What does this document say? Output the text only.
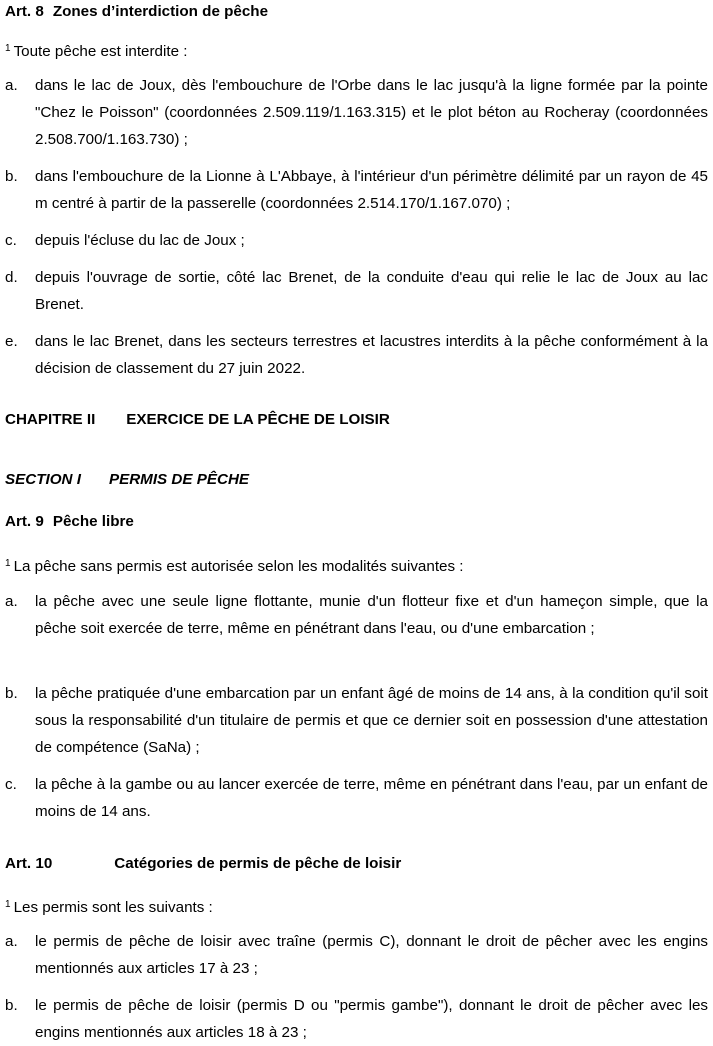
Art. 8 Zones d’interdiction de pêche
$^1$ Toute pêche est interdite :
a. dans le lac de Joux, dès l'embouchure de l'Orbe dans le lac jusqu'à la ligne formée par la pointe "Chez le Poisson" (coordonnées 2.509.119/1.163.315) et le plot béton au Rocheray (coordonnées 2.508.700/1.163.730) ;
b. dans l'embouchure de la Lionne à L'Abbaye, à l'intérieur d'un périmètre délimité par un rayon de 45 m centré à partir de la passerelle (coordonnées 2.514.170/1.167.070) ;
c. depuis l'écluse du lac de Joux ;
d. depuis l'ouvrage de sortie, côté lac Brenet, de la conduite d'eau qui relie le lac de Joux au lac Brenet.
e. dans le lac Brenet, dans les secteurs terrestres et lacustres interdits à la pêche conformément à la décision de classement du 27 juin 2022.
CHAPITRE II EXERCICE DE LA PÊCHE DE LOISIR
SECTION I PERMIS DE PÊCHE
Art. 9 Pêche libre
$^1$ La pêche sans permis est autorisée selon les modalités suivantes :
a. la pêche avec une seule ligne flottante, munie d'un flotteur fixe et d'un hameçon simple, que la pêche soit exercée de terre, même en pénétrant dans l'eau, ou d'une embarcation ;
b. la pêche pratiquée d'une embarcation par un enfant âgé de moins de 14 ans, à la condition qu'il soit sous la responsabilité d'un titulaire de permis et que ce dernier soit en possession d'une attestation de compétence (SaNa) ;
c. la pêche à la gambe ou au lancer exercée de terre, même en pénétrant dans l'eau, par un enfant de moins de 14 ans.
Art. 10	Catégories de permis de pêche de loisir
$^1$ Les permis sont les suivants :
a. le permis de pêche de loisir avec traîne (permis C), donnant le droit de pêcher avec les engins mentionnés aux articles 17 à 23 ;
b. le permis de pêche de loisir (permis D ou "permis gambe"), donnant le droit de pêcher avec les engins mentionnés aux articles 18 à 23 ;
